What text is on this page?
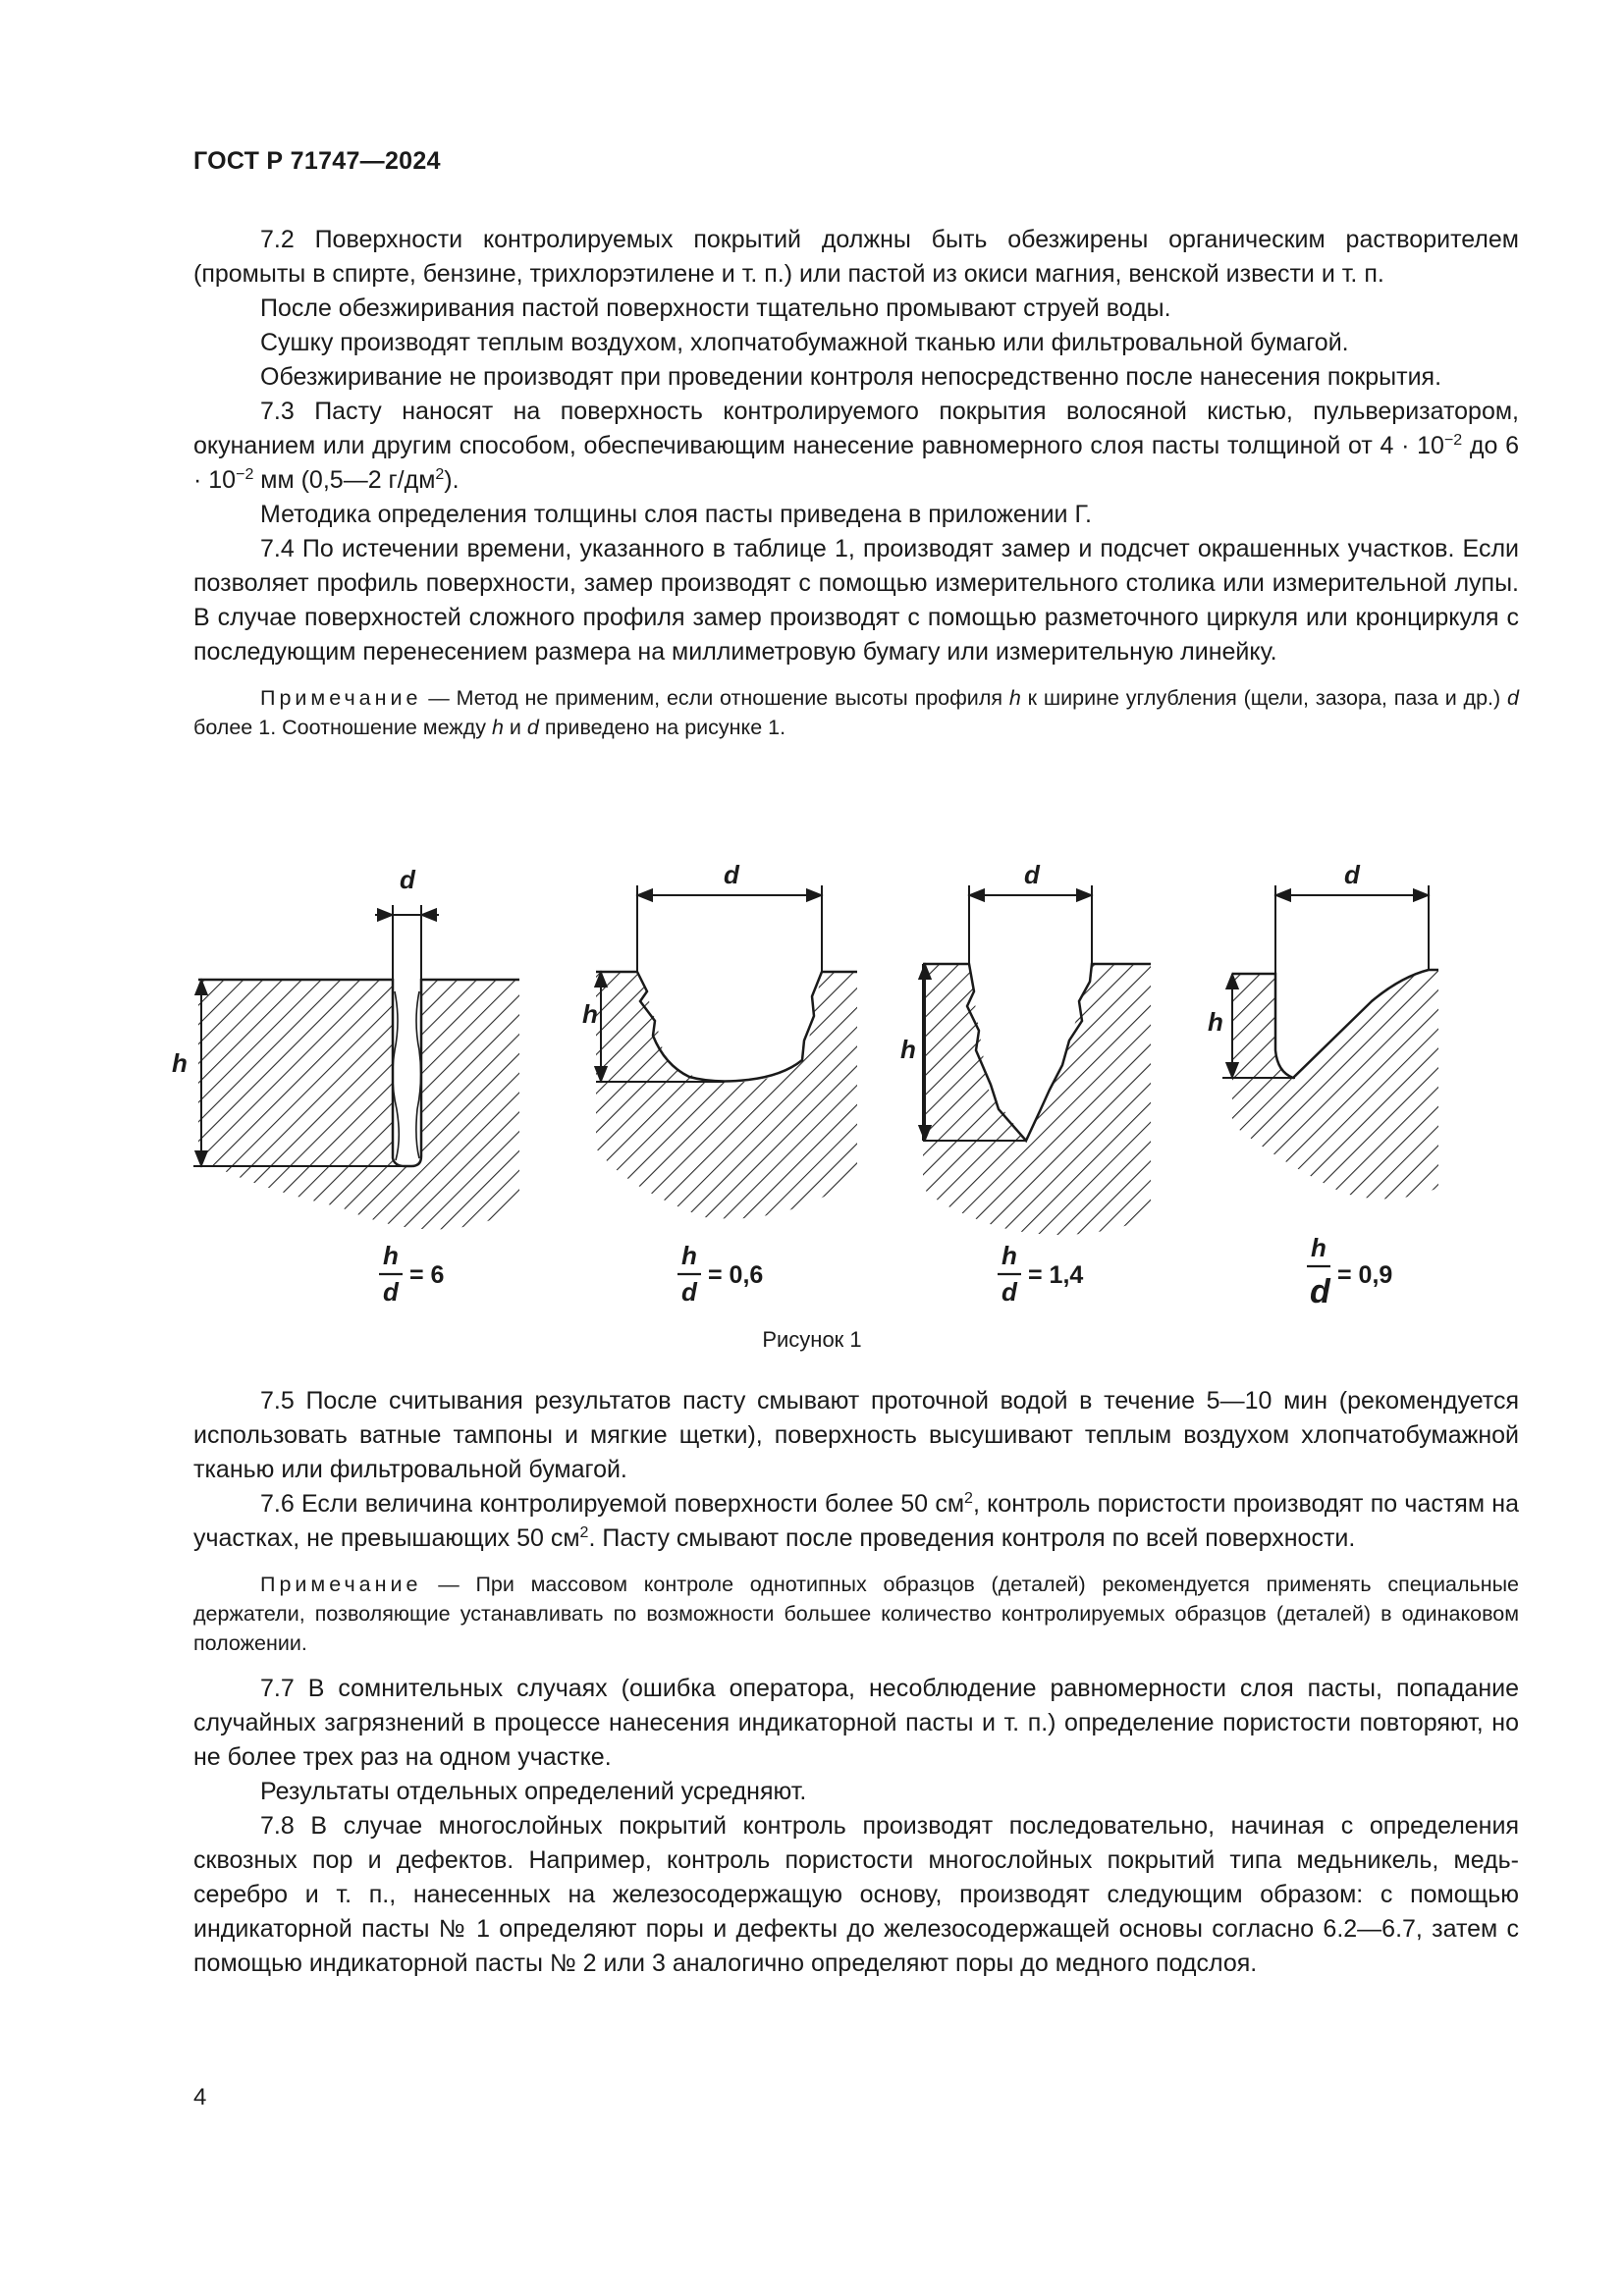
ГОСТ Р 71747—2024

7.2 Поверхности контролируемых покрытий должны быть обезжирены органическим растворителем (промыты в спирте, бензине, трихлорэтилене и т. п.) или пастой из окиси магния, венской извести и т. п.

После обезжиривания пастой поверхности тщательно промывают струей воды.

Сушку производят теплым воздухом, хлопчатобумажной тканью или фильтровальной бумагой.

Обезжиривание не производят при проведении контроля непосредственно после нанесения покрытия.

7.3 Пасту наносят на поверхность контролируемого покрытия волосяной кистью, пульверизатором, окунанием или другим способом, обеспечивающим нанесение равномерного слоя пасты толщиной от $4 \cdot 10^{-2}$ до $6 \cdot 10^{-2}$ мм (0,5—2 $г/дм^2$).

Методика определения толщины слоя пасты приведена в приложении Г.

7.4 По истечении времени, указанного в таблице 1, производят замер и подсчет окрашенных участков. Если позволяет профиль поверхности, замер производят с помощью измерительного столика или измерительной лупы. В случае поверхностей сложного профиля замер производят с помощью разметочного циркуля или кронциркуля с последующим перенесением размера на миллиметровую бумагу или измерительную линейку.

Примечание — Метод не применим, если отношение высоты профиля h к ширине углубления (щели, зазора, паза и др.) d более 1. Соотношение между h и d приведено на рисунке 1.

d
h
d
h
d
h
d
h
h
d
= 6
h
d
= 0,6
h
d
= 1,4
h
d = 0,9
Рисунок 1

7.5 После считывания результатов пасту смывают проточной водой в течение 5—10 мин (рекомендуется использовать ватные тампоны и мягкие щетки), поверхность высушивают теплым воздухом хлопчатобумажной тканью или фильтровальной бумагой.

7.6 Если величина контролируемой поверхности более 50 $см^2$, контроль пористости производят по частям на участках, не превышающих 50 $см^2$. Пасту смывают после проведения контроля по всей поверхности.

Примечание — При массовом контроле однотипных образцов (деталей) рекомендуется применять специальные держатели, позволяющие устанавливать по возможности большее количество контролируемых образцов (деталей) в одинаковом положении.

7.7 В сомнительных случаях (ошибка оператора, несоблюдение равномерности слоя пасты, попадание случайных загрязнений в процессе нанесения индикаторной пасты и т. п.) определение пористости повторяют, но не более трех раз на одном участке.

Результаты отдельных определений усредняют.

7.8 В случае многослойных покрытий контроль производят последовательно, начиная с определения сквозных пор и дефектов. Например, контроль пористости многослойных покрытий типа медьникель, медь-серебро и т. п., нанесенных на железосодержащую основу, производят следующим образом: с помощью индикаторной пасты № 1 определяют поры и дефекты до железосодержащей основы согласно 6.2—6.7, затем с помощью индикаторной пасты № 2 или 3 аналогично определяют поры до медного подслоя.

4
